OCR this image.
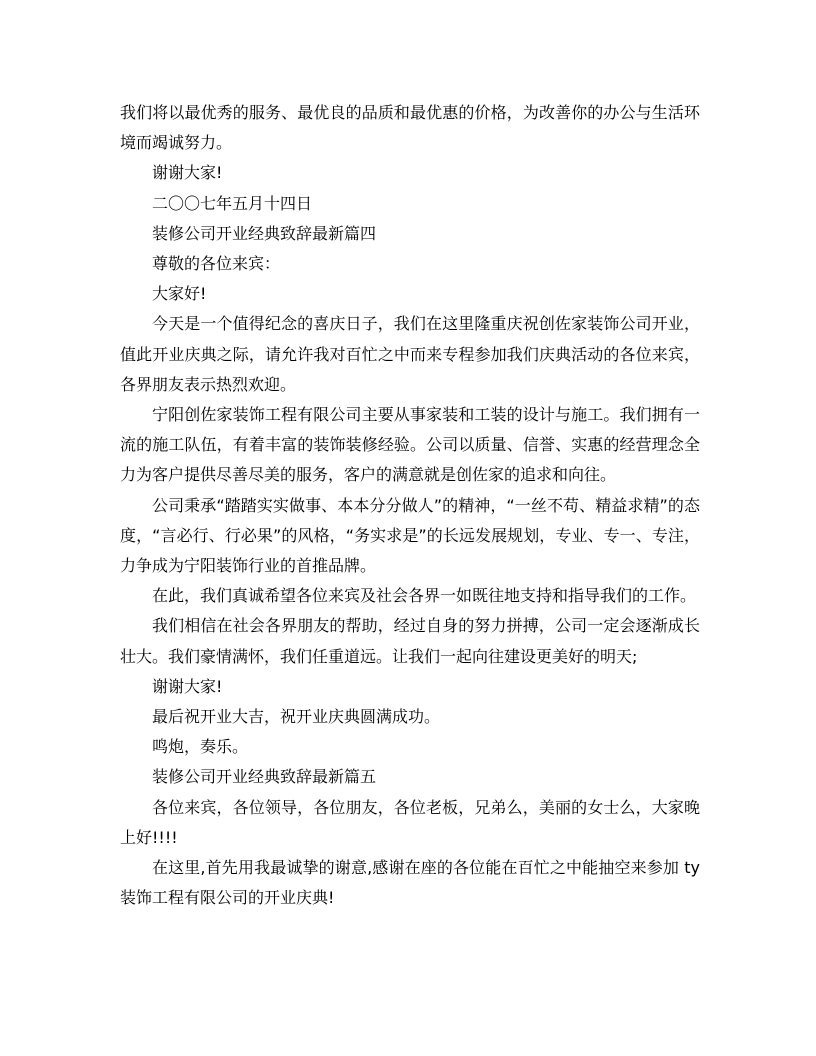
我们将以最优秀的服务、最优良的品质和最优惠的价格，为改善你的办公与生活环境而竭诚努力。

谢谢大家!

二〇〇七年五月十四日

装修公司开业经典致辞最新篇四

尊敬的各位来宾：

大家好!

今天是一个值得纪念的喜庆日子，我们在这里隆重庆祝创佐家装饰公司开业，值此开业庆典之际，请允许我对百忙之中而来专程参加我们庆典活动的各位来宾，各界朋友表示热烈欢迎。

宁阳创佐家装饰工程有限公司主要从事家装和工装的设计与施工。我们拥有一流的施工队伍，有着丰富的装饰装修经验。公司以质量、信誉、实惠的经营理念全力为客户提供尽善尽美的服务，客户的满意就是创佐家的追求和向往。

公司秉承“踏踏实实做事、本本分分做人”的精神，“一丝不苟、精益求精”的态度，“言必行、行必果”的风格，“务实求是”的长远发展规划，专业、专一、专注，力争成为宁阳装饰行业的首推品牌。

在此，我们真诚希望各位来宾及社会各界一如既往地支持和指导我们的工作。

我们相信在社会各界朋友的帮助，经过自身的努力拼搏，公司一定会逐渐成长壮大。我们豪情满怀，我们任重道远。让我们一起向往建设更美好的明天;

谢谢大家!

最后祝开业大吉，祝开业庆典圆满成功。

鸣炮，奏乐。

装修公司开业经典致辞最新篇五

各位来宾，各位领导，各位朋友，各位老板，兄弟么，美丽的女士么，大家晚上好!!!!

在这里,首先用我最诚挚的谢意,感谢在座的各位能在百忙之中能抽空来参加 ty 装饰工程有限公司的开业庆典!
